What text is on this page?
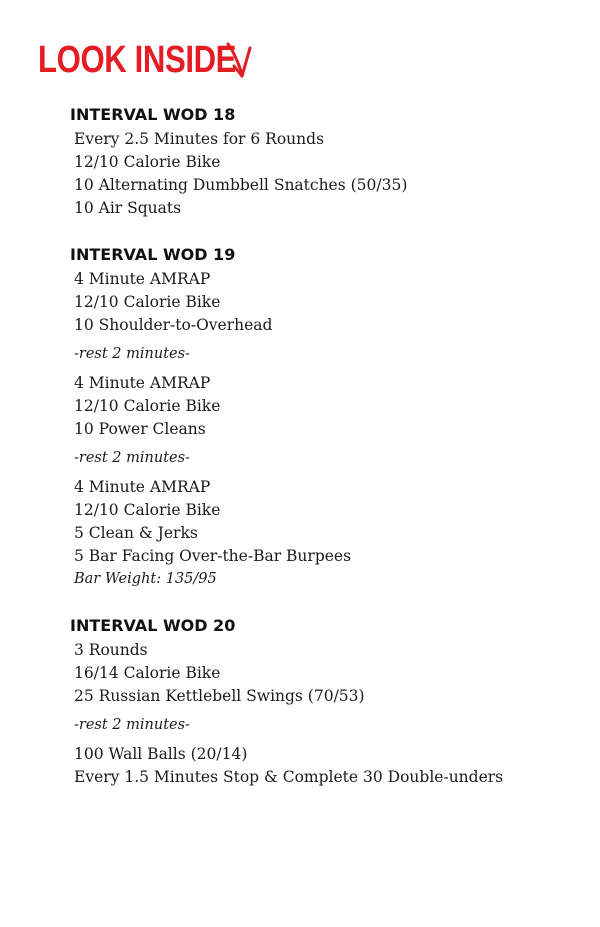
LOOK INSIDE
INTERVAL WOD 18
Every 2.5 Minutes for 6 Rounds
12/10 Calorie Bike
10 Alternating Dumbbell Snatches (50/35)
10 Air Squats
INTERVAL WOD 19
4 Minute AMRAP
12/10 Calorie Bike
10 Shoulder-to-Overhead
-rest 2 minutes-
4 Minute AMRAP
12/10 Calorie Bike
10 Power Cleans
-rest 2 minutes-
4 Minute AMRAP
12/10 Calorie Bike
5 Clean & Jerks
5 Bar Facing Over-the-Bar Burpees
Bar Weight: 135/95
INTERVAL WOD 20
3 Rounds
16/14 Calorie Bike
25 Russian Kettlebell Swings (70/53)
-rest 2 minutes-
100 Wall Balls (20/14)
Every 1.5 Minutes Stop & Complete 30 Double-unders
